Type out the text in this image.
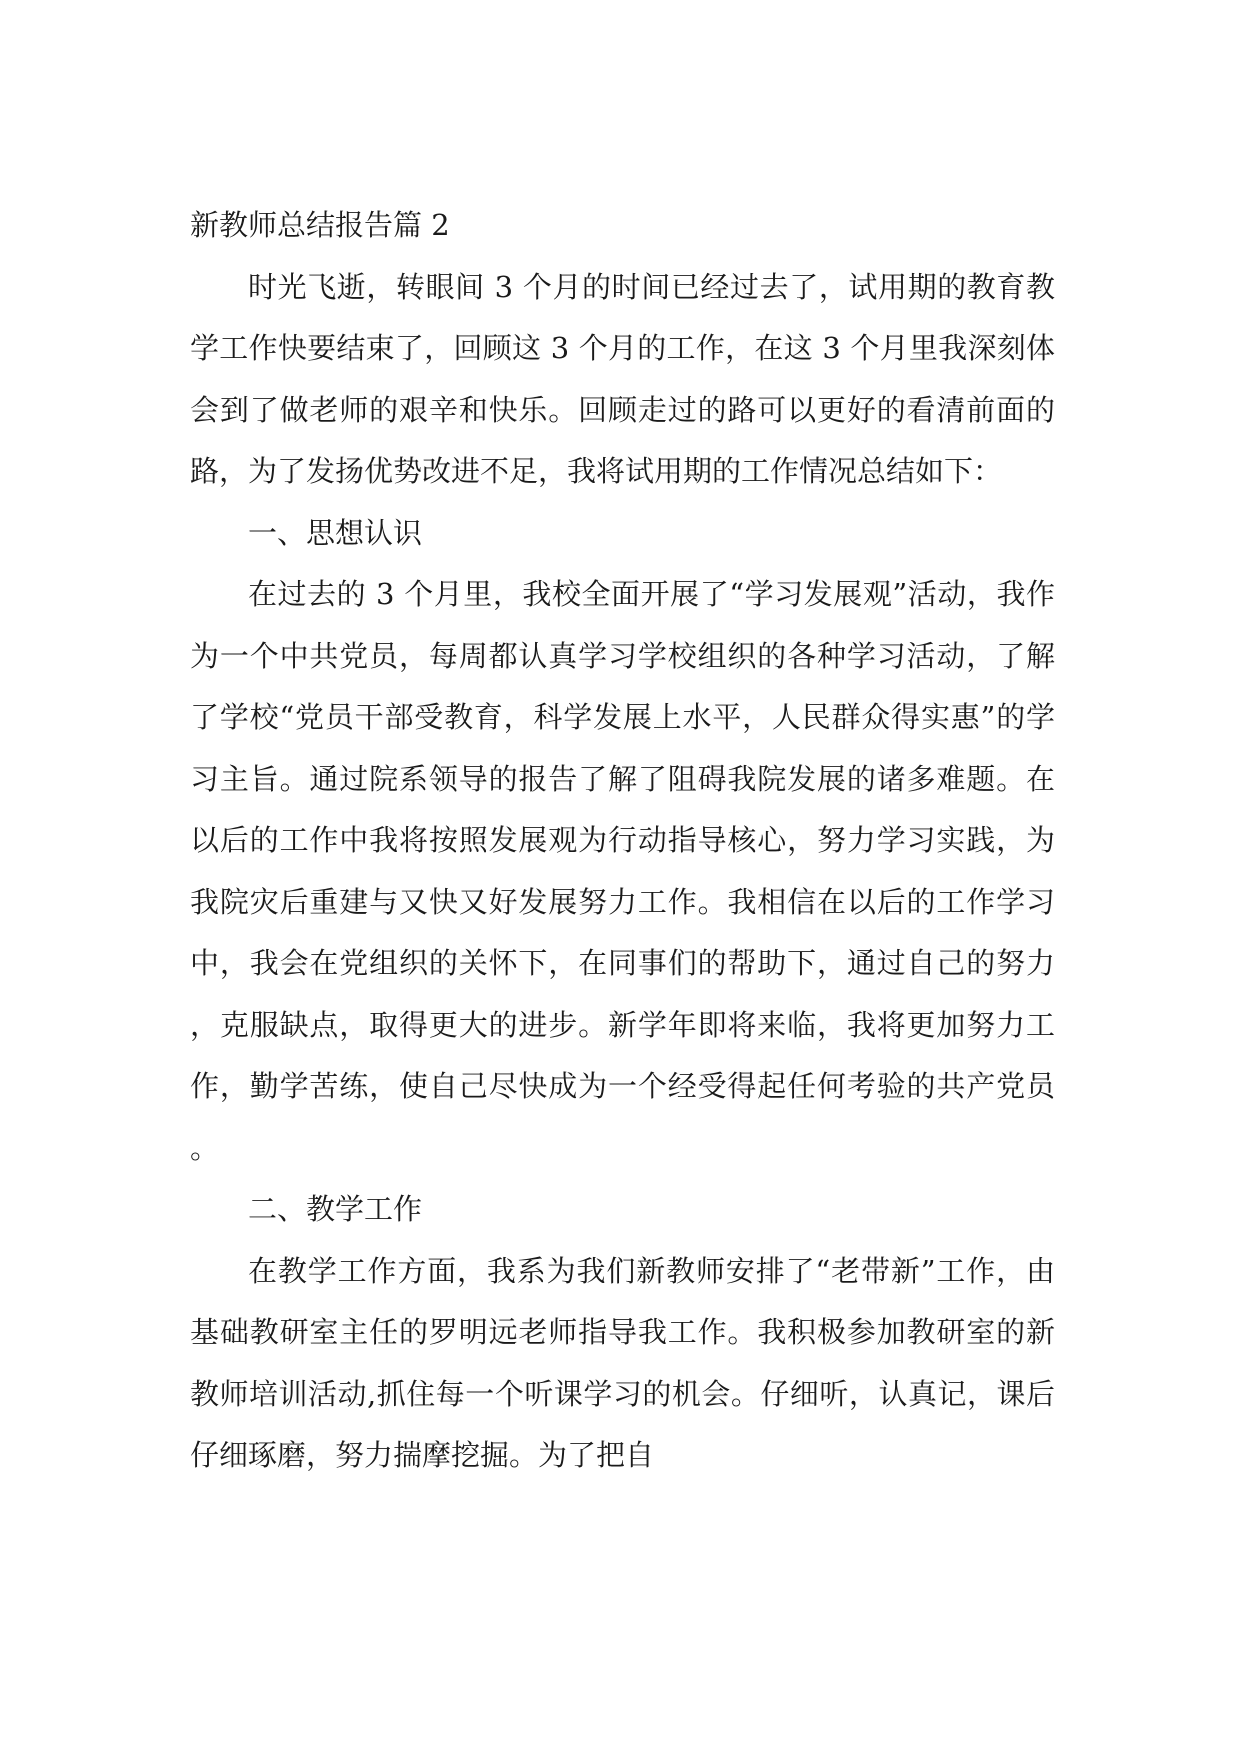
新教师总结报告篇 2

时光飞逝，转眼间 3 个月的时间已经过去了，试用期的教育教学工作快要结束了，回顾这 3 个月的工作，在这 3 个月里我深刻体会到了做老师的艰辛和快乐。回顾走过的路可以更好的看清前面的路，为了发扬优势改进不足，我将试用期的工作情况总结如下：

一、思想认识

在过去的 3 个月里，我校全面开展了“学习发展观”活动，我作为一个中共党员，每周都认真学习学校组织的各种学习活动，了解了学校“党员干部受教育，科学发展上水平，人民群众得实惠”的学习主旨。通过院系领导的报告了解了阻碍我院发展的诸多难题。在以后的工作中我将按照发展观为行动指导核心，努力学习实践，为我院灾后重建与又快又好发展努力工作。我相信在以后的工作学习中，我会在党组织的关怀下，在同事们的帮助下，通过自己的努力，克服缺点，取得更大的进步。新学年即将来临，我将更加努力工作，勤学苦练，使自己尽快成为一个经受得起任何考验的共产党员。

二、教学工作

在教学工作方面，我系为我们新教师安排了“老带新”工作，由基础教研室主任的罗明远老师指导我工作。我积极参加教研室的新教师培训活动,抓住每一个听课学习的机会。仔细听，认真记，课后仔细琢磨，努力揣摩挖掘。为了把自
